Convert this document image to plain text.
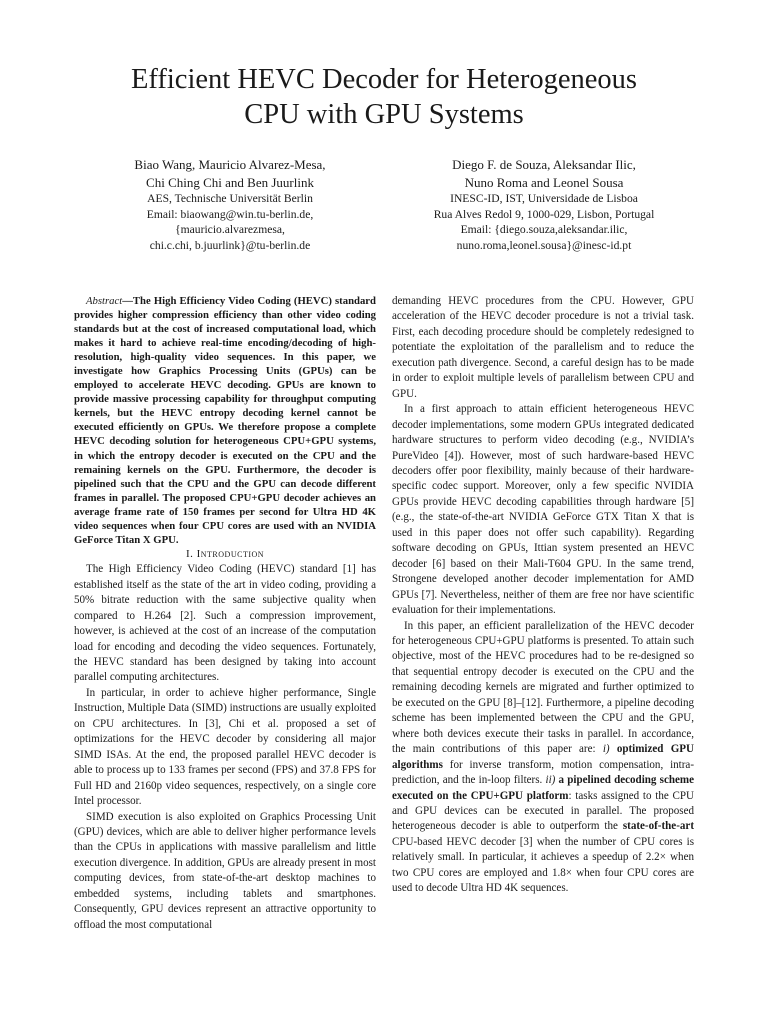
Efficient HEVC Decoder for Heterogeneous
CPU with GPU Systems
Biao Wang, Mauricio Alvarez-Mesa,
Chi Ching Chi and Ben Juurlink
AES, Technische Universität Berlin
Email: biaowang@win.tu-berlin.de,
{mauricio.alvarezmesa,
chi.c.chi, b.juurlink}@tu-berlin.de
Diego F. de Souza, Aleksandar Ilic,
Nuno Roma and Leonel Sousa
INESC-ID, IST, Universidade de Lisboa
Rua Alves Redol 9, 1000-029, Lisbon, Portugal
Email: {diego.souza,aleksandar.ilic,
nuno.roma,leonel.sousa}@inesc-id.pt

Abstract—The High Efficiency Video Coding (HEVC) standard provides higher compression efficiency than other video coding standards but at the cost of increased computational load, which makes it hard to achieve real-time encoding/decoding of high-resolution, high-quality video sequences. In this paper, we investigate how Graphics Processing Units (GPUs) can be employed to accelerate HEVC decoding. GPUs are known to provide massive processing capability for throughput computing kernels, but the HEVC entropy decoding kernel cannot be executed efficiently on GPUs. We therefore propose a complete HEVC decoding solution for heterogeneous CPU+GPU systems, in which the entropy decoder is executed on the CPU and the remaining kernels on the GPU. Furthermore, the decoder is pipelined such that the CPU and the GPU can decode different frames in parallel. The proposed CPU+GPU decoder achieves an average frame rate of 150 frames per second for Ultra HD 4K video sequences when four CPU cores are used with an NVIDIA GeForce Titan X GPU.

I. Introduction

The High Efficiency Video Coding (HEVC) standard [1] has established itself as the state of the art in video coding, providing a 50% bitrate reduction with the same subjective quality when compared to H.264 [2]. Such a compression improvement, however, is achieved at the cost of an increase of the computation load for encoding and decoding the video sequences. Fortunately, the HEVC standard has been designed by taking into account parallel computing architectures.

In particular, in order to achieve higher performance, Single Instruction, Multiple Data (SIMD) instructions are usually exploited on CPU architectures. In [3], Chi et al. proposed a set of optimizations for the HEVC decoder by considering all major SIMD ISAs. At the end, the proposed parallel HEVC decoder is able to process up to 133 frames per second (FPS) and 37.8 FPS for Full HD and 2160p video sequences, respectively, on a single core Intel processor.

SIMD execution is also exploited on Graphics Processing Unit (GPU) devices, which are able to deliver higher performance levels than the CPUs in applications with massive parallelism and little execution divergence. In addition, GPUs are already present in most computing devices, from state-of-the-art desktop machines to embedded systems, including tablets and smartphones. Consequently, GPU devices represent an attractive opportunity to offload the most computational

demanding HEVC procedures from the CPU. However, GPU acceleration of the HEVC decoder procedure is not a trivial task. First, each decoding procedure should be completely redesigned to potentiate the exploitation of the parallelism and to reduce the execution path divergence. Second, a careful design has to be made in order to exploit multiple levels of parallelism between CPU and GPU.

In a first approach to attain efficient heterogeneous HEVC decoder implementations, some modern GPUs integrated dedicated hardware structures to perform video decoding (e.g., NVIDIA’s PureVideo [4]). However, most of such hardware-based HEVC decoders offer poor flexibility, mainly because of their hardware-specific codec support. Moreover, only a few specific NVIDIA GPUs provide HEVC decoding capabilities through hardware [5] (e.g., the state-of-the-art NVIDIA GeForce GTX Titan X that is used in this paper does not offer such capability). Regarding software decoding on GPUs, Ittian system presented an HEVC decoder [6] based on their Mali-T604 GPU. In the same trend, Strongene developed another decoder implementation for AMD GPUs [7]. Nevertheless, neither of them are free nor have scientific evaluation for their implementations.

In this paper, an efficient parallelization of the HEVC decoder for heterogeneous CPU+GPU platforms is presented. To attain such objective, most of the HEVC procedures had to be re-designed so that sequential entropy decoder is executed on the CPU and the remaining decoding kernels are migrated and further optimized to be executed on the GPU [8]–[12]. Furthermore, a pipeline decoding scheme has been implemented between the CPU and the GPU, where both devices execute their tasks in parallel. In accordance, the main contributions of this paper are: i) optimized GPU algorithms for inverse transform, motion compensation, intra-prediction, and the in-loop filters. ii) a pipelined decoding scheme executed on the CPU+GPU platform: tasks assigned to the CPU and GPU devices can be executed in parallel. The proposed heterogeneous decoder is able to outperform the state-of-the-art CPU-based HEVC decoder [3] when the number of CPU cores is relatively small. In particular, it achieves a speedup of 2.2× when two CPU cores are employed and 1.8× when four CPU cores are used to decode Ultra HD 4K sequences.
